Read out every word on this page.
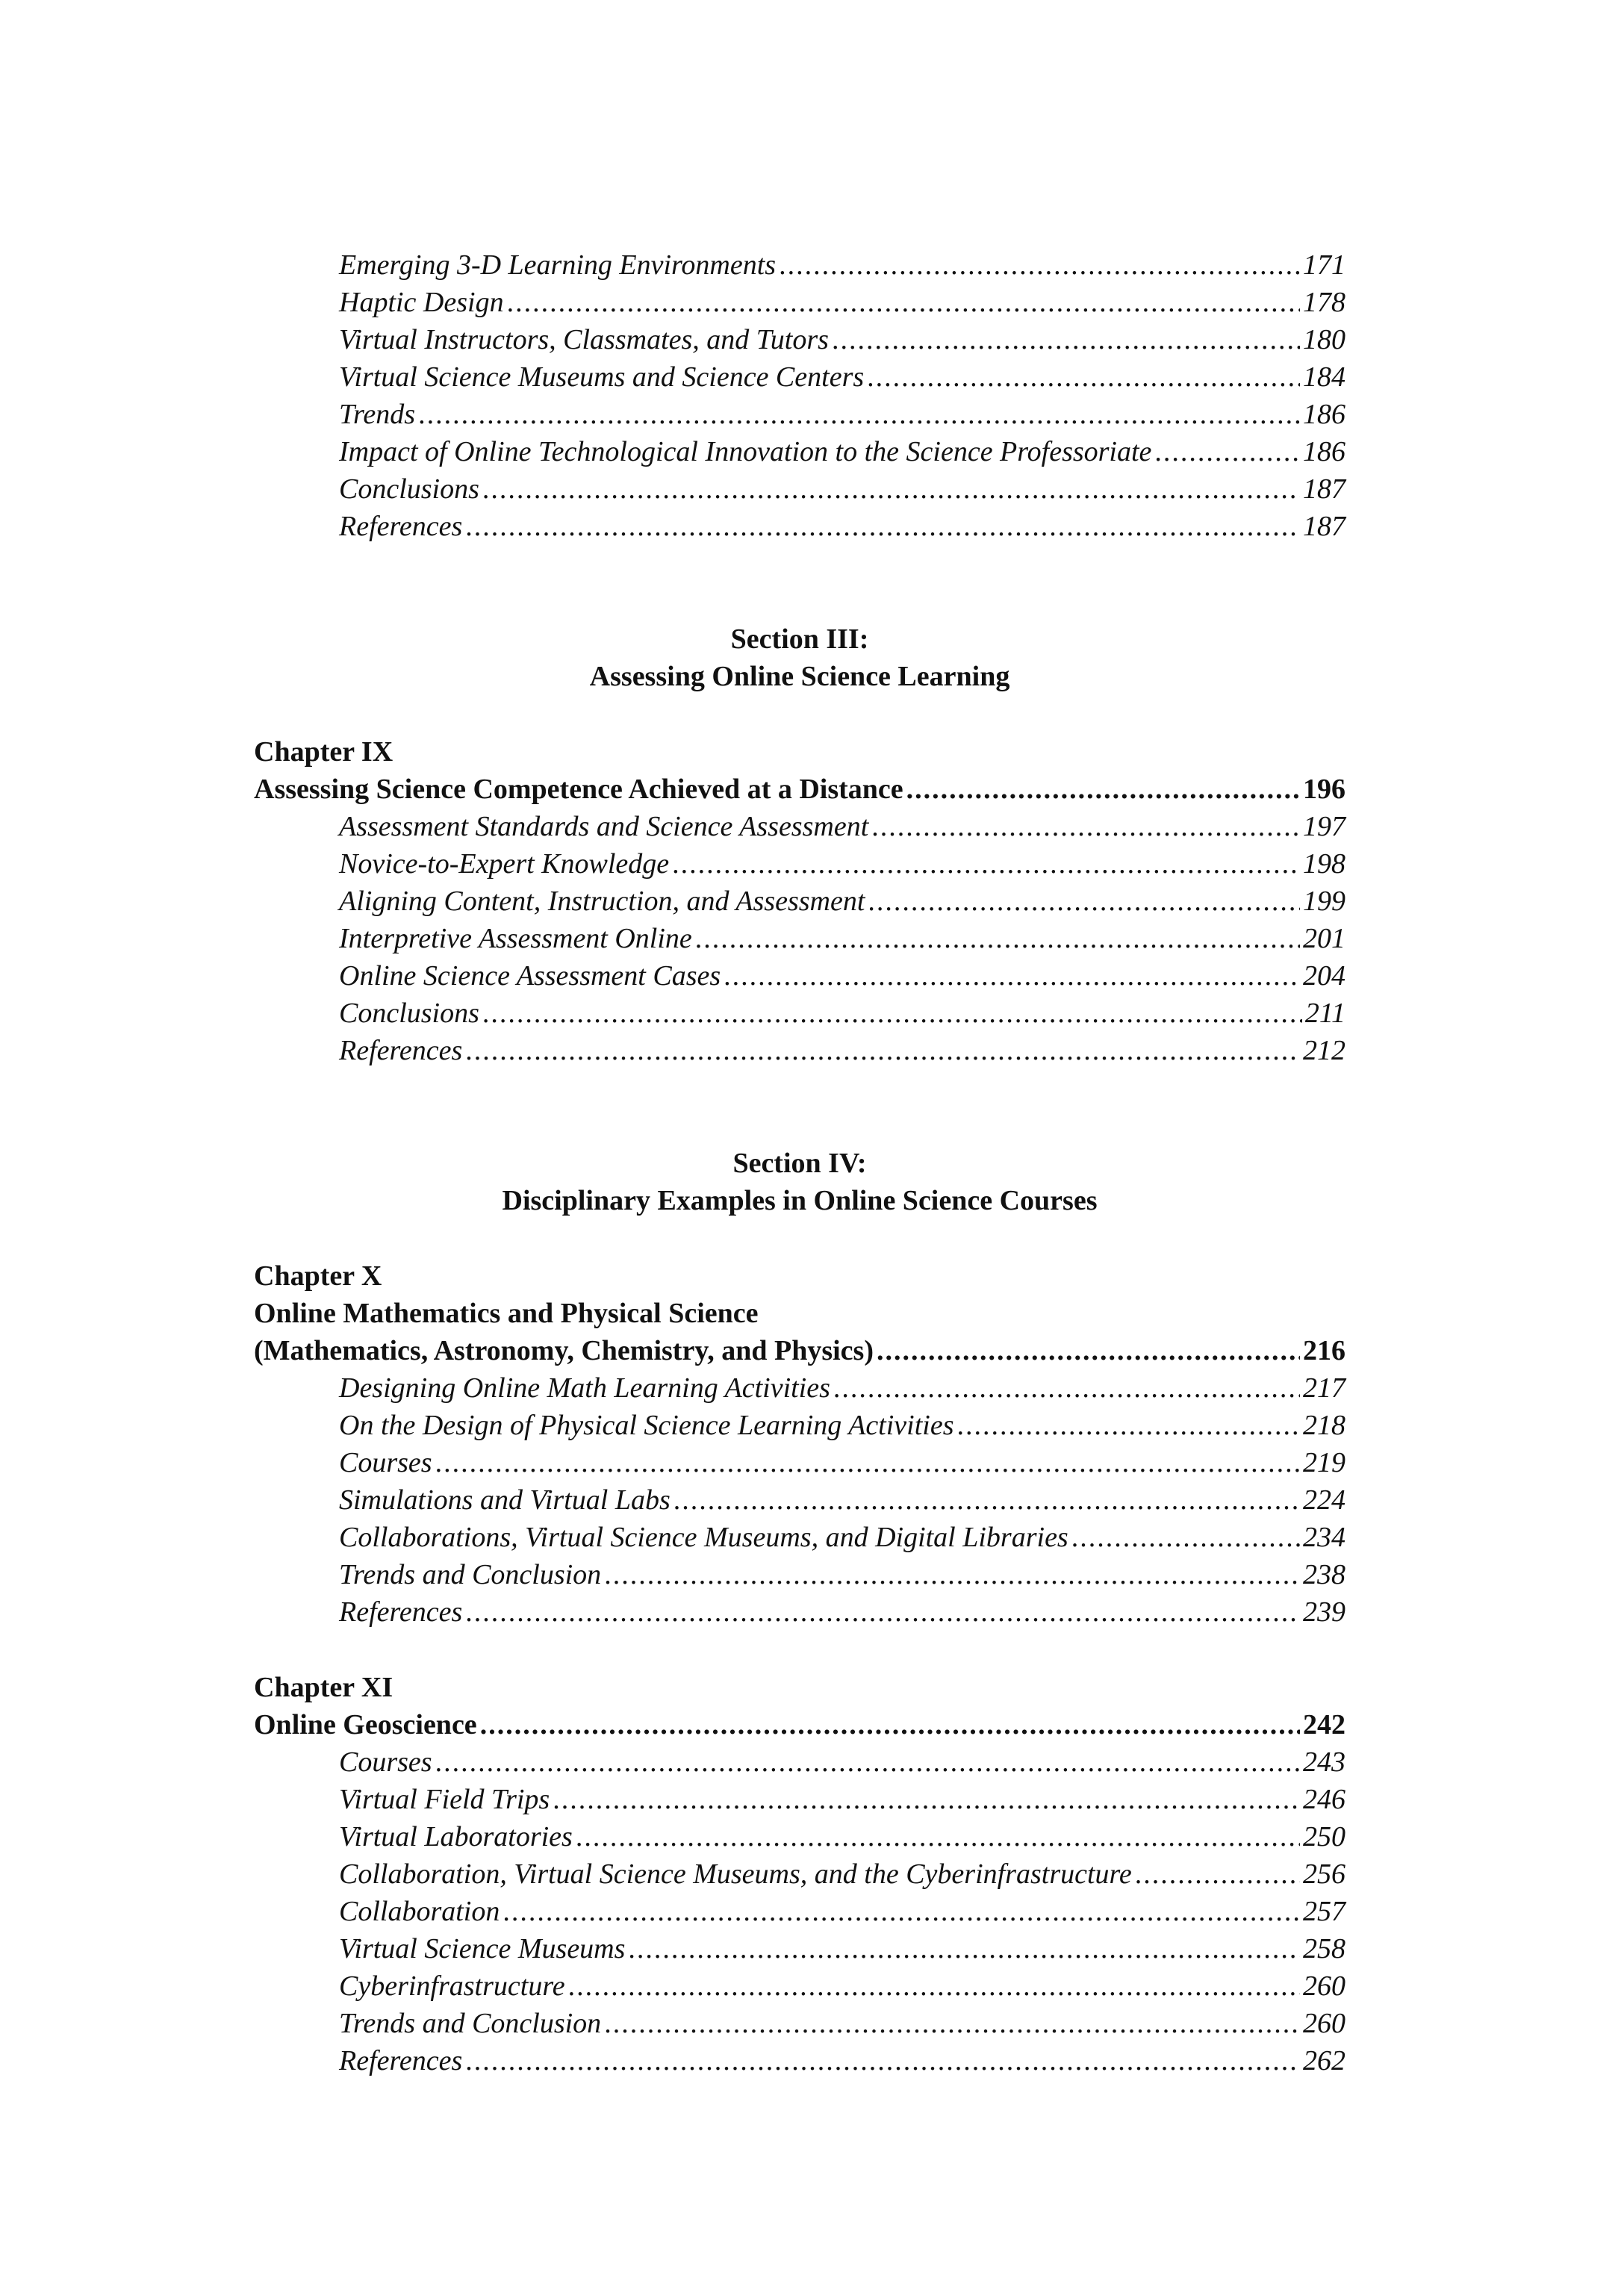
Emerging 3-D Learning Environments .....	171
Haptic Design .....	178
Virtual Instructors, Classmates, and Tutors .....	180
Virtual Science Museums and Science Centers .....	184
Trends .....	186
Impact of Online Technological Innovation to the Science Professoriate .....	186
Conclusions .....	187
References .....	187
Section III:
Assessing Online Science Learning
Chapter IX
Assessing Science Competence Achieved at a Distance .....	196
Assessment Standards and Science Assessment .....	197
Novice-to-Expert Knowledge .....	198
Aligning Content, Instruction, and Assessment .....	199
Interpretive Assessment Online .....	201
Online Science Assessment Cases .....	204
Conclusions .....	211
References .....	212
Section IV:
Disciplinary Examples in Online Science Courses
Chapter X
Online Mathematics and Physical Science
(Mathematics, Astronomy, Chemistry, and Physics) .....	216
Designing Online Math Learning Activities .....	217
On the Design of Physical Science Learning Activities .....	218
Courses .....	219
Simulations and Virtual Labs .....	224
Collaborations, Virtual Science Museums, and Digital Libraries .....	234
Trends and Conclusion .....	238
References .....	239
Chapter XI
Online Geoscience .....	242
Courses .....	243
Virtual Field Trips .....	246
Virtual Laboratories .....	250
Collaboration, Virtual Science Museums, and the Cyberinfrastructure .....	256
Collaboration .....	257
Virtual Science Museums .....	258
Cyberinfrastructure .....	260
Trends and Conclusion .....	260
References .....	262
